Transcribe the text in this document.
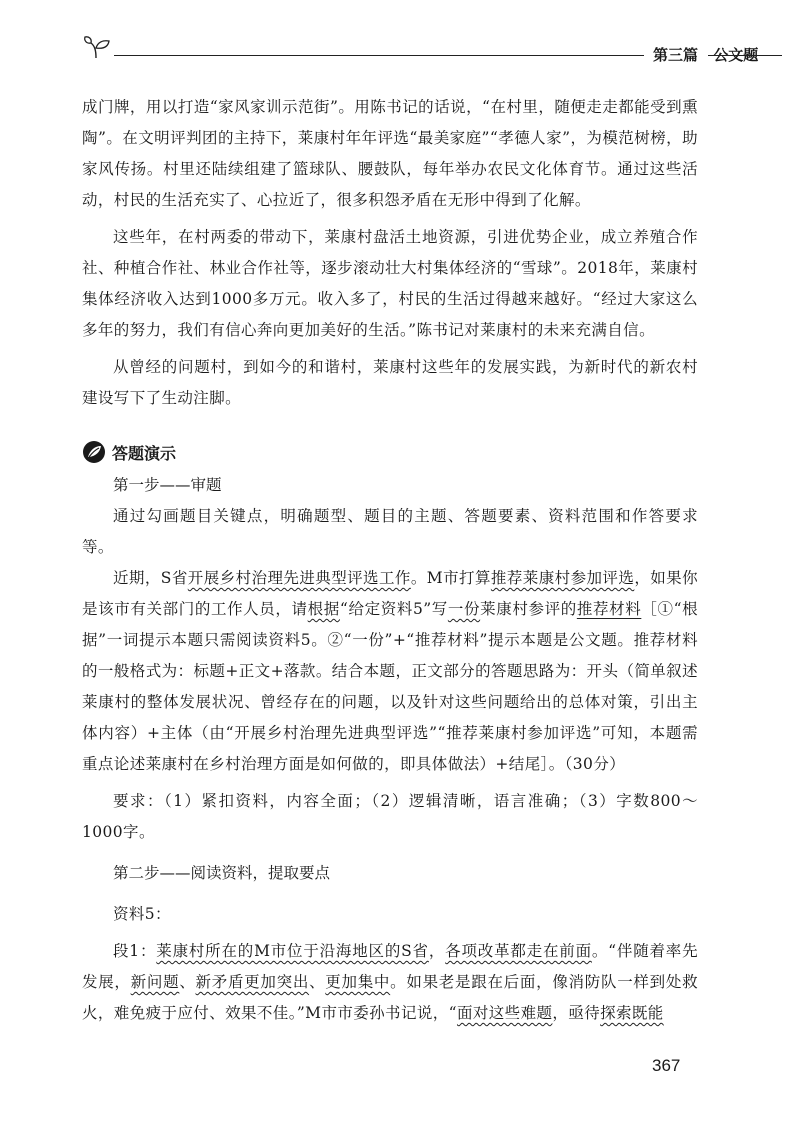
第三篇 公文题

成门牌，用以打造“家风家训示范街”。用陈书记的话说，“在村里，随便走走都能受到熏陶”。在文明评判团的主持下，莱康村年年评选“最美家庭”“孝德人家”，为模范树榜，助家风传扬。村里还陆续组建了篮球队、腰鼓队，每年举办农民文化体育节。通过这些活动，村民的生活充实了、心拉近了，很多积怨矛盾在无形中得到了化解。

这些年，在村两委的带动下，莱康村盘活土地资源，引进优势企业，成立养殖合作社、种植合作社、林业合作社等，逐步滚动壮大村集体经济的“雪球”。2018年，莱康村集体经济收入达到1000多万元。收入多了，村民的生活过得越来越好。“经过大家这么多年的努力，我们有信心奔向更加美好的生活。”陈书记对莱康村的未来充满自信。

从曾经的问题村，到如今的和谐村，莱康村这些年的发展实践，为新时代的新农村建设写下了生动注脚。

答题演示
第一步——审题

通过勾画题目关键点，明确题型、题目的主题、答题要素、资料范围和作答要求等。

近期，S省开展乡村治理先进典型评选工作。M市打算推荐莱康村参加评选，如果你是该市有关部门的工作人员，请根据“给定资料5”写一份莱康村参评的推荐材料［①“根据”一词提示本题只需阅读资料5。②“一份”+“推荐材料”提示本题是公文题。推荐材料的一般格式为：标题+正文+落款。结合本题，正文部分的答题思路为：开头（简单叙述莱康村的整体发展状况、曾经存在的问题，以及针对这些问题给出的总体对策，引出主体内容）+主体（由“开展乡村治理先进典型评选”“推荐莱康村参加评选”可知，本题需重点论述莱康村在乡村治理方面是如何做的，即具体做法）+结尾］。（30分）

要求：（1）紧扣资料，内容全面；（2）逻辑清晰，语言准确；（3）字数800～1000字。

第二步——阅读资料，提取要点

资料5：

段1：莱康村所在的M市位于沿海地区的S省，各项改革都走在前面。“伴随着率先发展，新问题、新矛盾更加突出、更加集中。如果老是跟在后面，像消防队一样到处救火，难免疲于应付、效果不佳。”M市市委孙书记说，“面对这些难题，亟待探索既能

367
